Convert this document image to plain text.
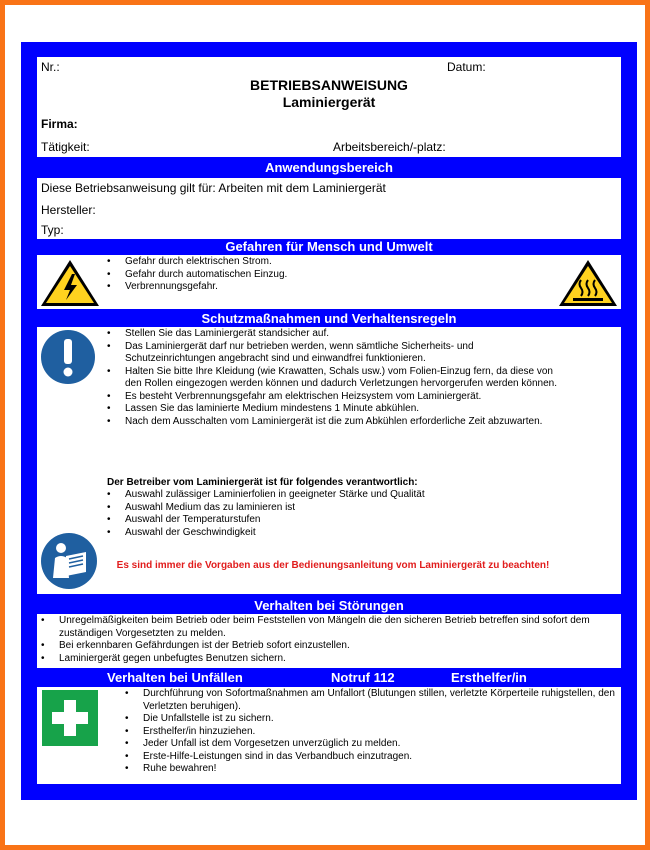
Nr.:	Datum:
BETRIEBSANWEISUNG
Laminiergerät
Firma:
Tätigkeit:	Arbeitsbereich/-platz:
Anwendungsbereich
Diese Betriebsanweisung gilt für: Arbeiten mit dem Laminiergerät
Hersteller:
Typ:
Gefahren für Mensch und Umwelt
• Gefahr durch elektrischen Strom.
• Gefahr durch automatischen Einzug.
• Verbrennungsgefahr.
Schutzmaßnahmen und Verhaltensregeln
• Stellen Sie das Laminiergerät standsicher auf.
• Das Laminiergerät darf nur betrieben werden, wenn sämtliche Sicherheits- und Schutzeinrichtungen angebracht sind und einwandfrei funktionieren.
• Halten Sie bitte Ihre Kleidung (wie Krawatten, Schals usw.) vom Folien-Einzug fern, da diese von den Rollen eingezogen werden können und dadurch Verletzungen hervorgerufen werden können.
• Es besteht Verbrennungsgefahr am elektrischen Heizsystem vom Laminiergerät.
• Lassen Sie das laminierte Medium mindestens 1 Minute abkühlen.
• Nach dem Ausschalten vom Laminiergerät ist die zum Abkühlen erforderliche Zeit abzuwarten.
Der Betreiber vom Laminiergerät ist für folgendes verantwortlich:
• Auswahl zulässiger Laminierfolien in geeigneter Stärke und Qualität
• Auswahl Medium das zu laminieren ist
• Auswahl der Temperaturstufen
• Auswahl der Geschwindigkeit
Es sind immer die Vorgaben aus der Bedienungsanleitung vom Laminiergerät zu beachten!
Verhalten bei Störungen
• Unregelmäßigkeiten beim Betrieb oder beim Feststellen von Mängeln die den sicheren Betrieb betreffen sind sofort dem zuständigen Vorgesetzten zu melden.
• Bei erkennbaren Gefährdungen ist der Betrieb sofort einzustellen.
• Laminiergerät gegen unbefugtes Benutzen sichern.
Verhalten bei Unfällen	Notruf 112	Ersthelfer/in
• Durchführung von Sofortmaßnahmen am Unfallort (Blutungen stillen, verletzte Körperteile ruhigstellen, den Verletzten beruhigen).
• Die Unfallstelle ist zu sichern.
• Ersthelfer/in hinzuziehen.
• Jeder Unfall ist dem Vorgesetzen unverzüglich zu melden.
• Erste-Hilfe-Leistungen sind in das Verbandbuch einzutragen.
• Ruhe bewahren!
